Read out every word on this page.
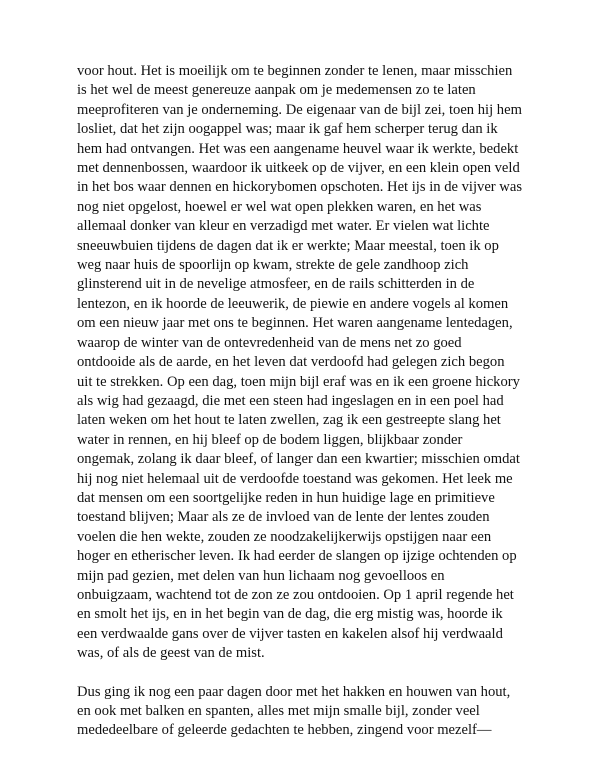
voor hout. Het is moeilijk om te beginnen zonder te lenen, maar misschien
is het wel de meest genereuze aanpak om je medemensen zo te laten
meeprofiteren van je onderneming. De eigenaar van de bijl zei, toen hij hem
losliet, dat het zijn oogappel was; maar ik gaf hem scherper terug dan ik
hem had ontvangen. Het was een aangename heuvel waar ik werkte, bedekt
met dennenbossen, waardoor ik uitkeek op de vijver, en een klein open veld
in het bos waar dennen en hickorybomen opschoten. Het ijs in de vijver was
nog niet opgelost, hoewel er wel wat open plekken waren, en het was
allemaal donker van kleur en verzadigd met water. Er vielen wat lichte
sneeuwbuien tijdens de dagen dat ik er werkte; Maar meestal, toen ik op
weg naar huis de spoorlijn op kwam, strekte de gele zandhoop zich
glinsterend uit in de nevelige atmosfeer, en de rails schitterden in de
lentezon, en ik hoorde de leeuwerik, de piewie en andere vogels al komen
om een nieuw jaar met ons te beginnen. Het waren aangename lentedagen,
waarop de winter van de ontevredenheid van de mens net zo goed
ontdooide als de aarde, en het leven dat verdoofd had gelegen zich begon
uit te strekken. Op een dag, toen mijn bijl eraf was en ik een groene hickory
als wig had gezaagd, die met een steen had ingeslagen en in een poel had
laten weken om het hout te laten zwellen, zag ik een gestreepte slang het
water in rennen, en hij bleef op de bodem liggen, blijkbaar zonder
ongemak, zolang ik daar bleef, of langer dan een kwartier; misschien omdat
hij nog niet helemaal uit de verdoofde toestand was gekomen. Het leek me
dat mensen om een soortgelijke reden in hun huidige lage en primitieve
toestand blijven; Maar als ze de invloed van de lente der lentes zouden
voelen die hen wekte, zouden ze noodzakelijkerwijs opstijgen naar een
hoger en etherischer leven. Ik had eerder de slangen op ijzige ochtenden op
mijn pad gezien, met delen van hun lichaam nog gevoelloos en
onbuigzaam, wachtend tot de zon ze zou ontdooien. Op 1 april regende het
en smolt het ijs, en in het begin van de dag, die erg mistig was, hoorde ik
een verdwaalde gans over de vijver tasten en kakelen alsof hij verdwaald
was, of als de geest van de mist.

Dus ging ik nog een paar dagen door met het hakken en houwen van hout,
en ook met balken en spanten, alles met mijn smalle bijl, zonder veel
mededeelbare of geleerde gedachten te hebben, zingend voor mezelf—
